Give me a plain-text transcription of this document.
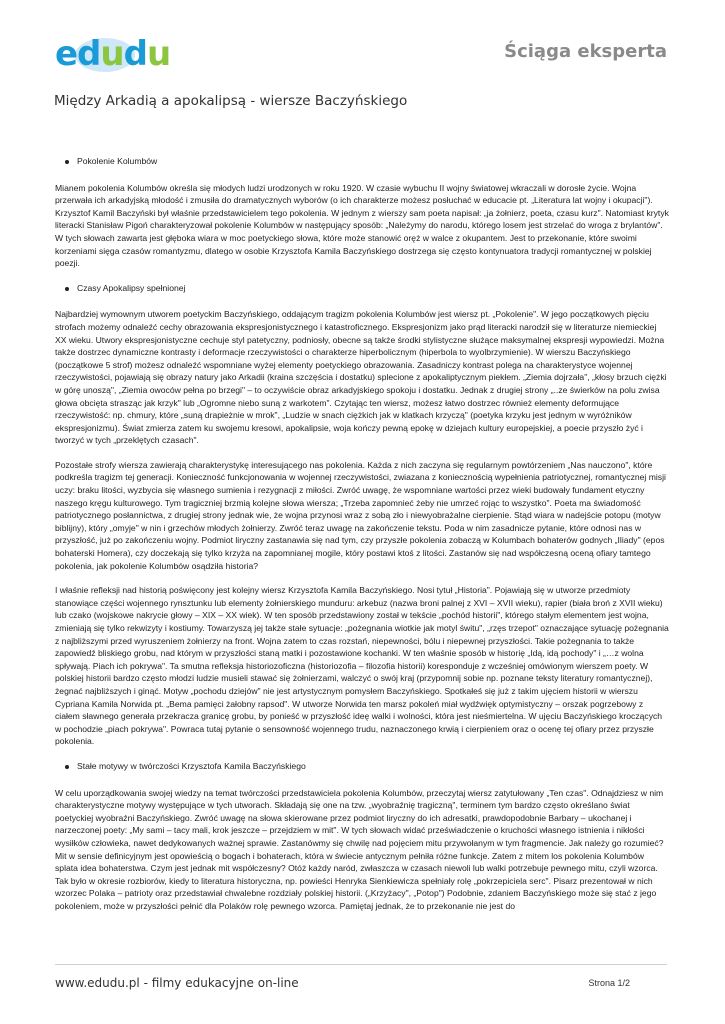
edudu	Ściąga eksperta
Między Arkadią a apokalipsą - wiersze Baczyńskiego
Pokolenie Kolumbów

Mianem pokolenia Kolumbów określa się młodych ludzi urodzonych w roku 1920. W czasie wybuchu II wojny światowej wkraczali w dorosłe życie. Wojna przerwała ich arkadyjską młodość i zmusiła do dramatycznych wyborów (o ich charakterze możesz posłuchać w educacie pt. „Literatura lat wojny i okupacji"). Krzysztof Kamil Baczyński był właśnie przedstawicielem tego pokolenia. W jednym z wierszy sam poeta napisał: „ja żołnierz, poeta, czasu kurz". Natomiast krytyk literacki Stanisław Pigoń charakteryzował pokolenie Kolumbów w następujący sposób: „Należymy do narodu, którego losem jest strzelać do wroga z brylantów". W tych słowach zawarta jest głęboka wiara w moc poetyckiego słowa, które może stanowić oręż w walce z okupantem. Jest to przekonanie, które swoimi korzeniami sięga czasów romantyzmu, dlatego w osobie Krzysztofa Kamila Baczyńskiego dostrzega się często kontynuatora tradycji romantycznej w polskiej poezji.

Czasy Apokalipsy spełnionej

Najbardziej wymownym utworem poetyckim Baczyńskiego, oddającym tragizm pokolenia Kolumbów jest wiersz pt. „Pokolenie". W jego początkowych pięciu strofach możemy odnaleźć cechy obrazowania ekspresjonistycznego i katastroficznego. Ekspresjonizm jako prąd literacki narodził się w literaturze niemieckiej XX wieku. Utwory ekspresjonistyczne cechuje styl patetyczny, podniosły, obecne są także środki stylistyczne służące maksymalnej ekspresji wypowiedzi. Można także dostrzec dynamiczne kontrasty i deformacje rzeczywistości o charakterze hiperbolicznym (hiperbola to wyolbrzymienie). W wierszu Baczyńskiego (początkowe 5 strof) możesz odnaleźć wspomniane wyżej elementy poetyckiego obrazowania. Zasadniczy kontrast polega na charakterystyce wojennej rzeczywistości, pojawiają się obrazy natury jako Arkadii (kraina szczęścia i dostatku) splecione z apokaliptycznym piekłem. „Ziemia dojrzała", „kłosy brzuch ciężki w górę unoszą", „Ziemia owoców pełna po brzegi" – to oczywiście obraz arkadyjskiego spokoju i dostatku. Jednak z drugiej strony „..ze świerków na polu zwisa głowa obcięta strasząc jak krzyk" lub „Ogromne niebo suną z warkotem". Czytając ten wiersz, możesz łatwo dostrzec również elementy deformujące rzeczywistość: np. chmury, które „suną drapieżnie w mrok", „Ludzie w snach ciężkich jak w klatkach krzyczą" (poetyka krzyku jest jednym w wyróżników ekspresjonizmu). Świat zmierza zatem ku swojemu kresowi, apokalipsie, woja kończy pewną epokę w dziejach kultury europejskiej, a poecie przyszło żyć i tworzyć w tych „przeklętych czasach".

Pozostałe strofy wiersza zawierają charakterystykę interesującego nas pokolenia. Każda z nich zaczyna się regularnym powtórzeniem „Nas nauczono", które podkreśla tragizm tej generacji. Konieczność funkcjonowania w wojennej rzeczywistości, zwiazana z koniecznością wypełnienia patriotycznej, romantycznej misji uczy: braku litości, wyzbycia się własnego sumienia i rezygnacji z miłości. Zwróć uwagę, że wspomniane wartości przez wieki budowały fundament etyczny naszego kręgu kulturowego. Tym tragiczniej brzmią kolejne słowa wiersza; „Trzeba zapomnieć żeby nie umrzeć rojąc to wszystko". Poeta ma świadomość patriotycznego posłannictwa, z drugiej strony jednak wie, że wojna przynosi wraz z sobą zło i niewyobrażalne cierpienie. Stąd wiara w nadejście potopu (motyw biblijny), który „omyje" w nin i grzechów młodych żołnierzy. Zwróć teraz uwagę na zakończenie tekstu. Poda w nim zasadnicze pytanie, które odnosi nas w przyszłość, już po zakończeniu wojny. Podmiot liryczny zastanawia się nad tym, czy przyszłe pokolenia zobaczą w Kolumbach bohaterów godnych „Iliady" (epos bohaterski Homera), czy doczekają się tylko krzyża na zapomnianej mogile, który postawi ktoś z litości. Zastanów się nad współczesną oceną ofiary tamtego pokolenia, jak pokolenie Kolumbów osądziła historia?

I właśnie refleksji nad historią poświęcony jest kolejny wiersz Krzysztofa Kamila Baczyńskiego. Nosi tytuł „Historia". Pojawiają się w utworze przedmioty stanowiące części wojennego rynsztunku lub elementy żołnierskiego munduru: arkebuz (nazwa broni palnej z XVI – XVII wieku), rapier (biała broń z XVII wieku) lub czako (wojskowe nakrycie głowy – XIX – XX wiek). W ten sposób przedstawiony został w tekście „pochód historii", którego stałym elementem jest wojna, zmieniają się tylko rekwizyty i kostiumy. Towarzyszą jej także stałe sytuacje: „pożegnania wiotkie jak motyl świtu", „rzęs trzepot" oznaczające sytuację pożegnania z najbliższymi przed wyruszeniem żołnierzy na front. Wojna zatem to czas rozstań, niepewności, bólu i niepewnej przyszłości. Takie pożegnania to także zapowiedź bliskiego grobu, nad którym w przyszłości staną matki i pozostawione kochanki. W ten właśnie sposób w historię „Idą, idą pochody" i „…z wolna spływają. Piach ich pokrywa". Ta smutna refleksja historiozoficzna (historiozofia – filozofia historii) koresponduje z wcześniej omówionym wierszem poety. W polskiej historii bardzo często młodzi ludzie musieli stawać się żołnierzami, walczyć o swój kraj (przypomnij sobie np. poznane teksty literatury romantycznej), żegnać najbliższych i ginąć. Motyw „pochodu dziejów" nie jest artystycznym pomysłem Baczyńskiego. Spotkałeś się już z takim ujęciem historii w wierszu Cypriana Kamila Norwida pt. „Bema pamięci żałobny rapsod". W utworze Norwida ten marsz pokoleń miał wydźwięk optymistyczny – orszak pogrzebowy z ciałem sławnego generała przekracza granicę grobu, by ponieść w przyszłość ideę walki i wolności, która jest nieśmiertelna. W ujęciu Baczyńskiego kroczących w pochodzie „piach pokrywa". Powraca tutaj pytanie o sensowność wojennego trudu, naznaczonego krwią i cierpieniem oraz o ocenę tej ofiary przez przyszłe pokolenia.

Stałe motywy w twórczości Krzysztofa Kamila Baczyńskiego

W celu uporządkowania swojej wiedzy na temat twórczości przedstawiciela pokolenia Kolumbów, przeczytaj wiersz zatytułowany „Ten czas". Odnajdziesz w nim charakterystyczne motywy występujące w tych utworach. Składają się one na tzw. „wyobraźnię tragiczną", terminem tym bardzo często określano świat poetyckiej wyobraźni Baczyńskiego. Zwróć uwagę na słowa skierowane przez podmiot liryczny do ich adresatki, prawdopodobnie Barbary – ukochanej i narzeczonej poety: „My sami – tacy mali, krok jeszcze – przejdziem w mit". W tych słowach widać przeświadczenie o kruchości własnego istnienia i nikłości wysiłków człowieka, nawet dedykowanych ważnej sprawie. Zastanówmy się chwilę nad pojęciem mitu przywołanym w tym fragmencie. Jak należy go rozumieć? Mit w sensie definicyjnym jest opowieścią o bogach i bohaterach, która w świecie antycznym pełniła różne funkcje. Zatem z mitem los pokolenia Kolumbów splata idea bohaterstwa. Czym jest jednak mit współczesny? Otóż każdy naród, zwłaszcza w czasach niewoli lub walki potrzebuje pewnego mitu, czyli wzorca. Tak było w okresie rozbiorów, kiedy to literatura historyczna, np. powieści Henryka Sienkiewicza spełniały rolę „pokrzepiciela serc". Pisarz prezentował w nich wzorzec Polaka – patrioty oraz przedstawiał chwalebne rozdziały polskiej historii. („Krzyżacy", „Potop") Podobnie, zdaniem Baczyńskiego może się stać z jego pokoleniem, może w przyszłości pełnić dla Polaków rolę pewnego wzorca. Pamiętaj jednak, że to przekonanie nie jest do

www.edudu.pl - filmy edukacyjne on-line	Strona 1/2
